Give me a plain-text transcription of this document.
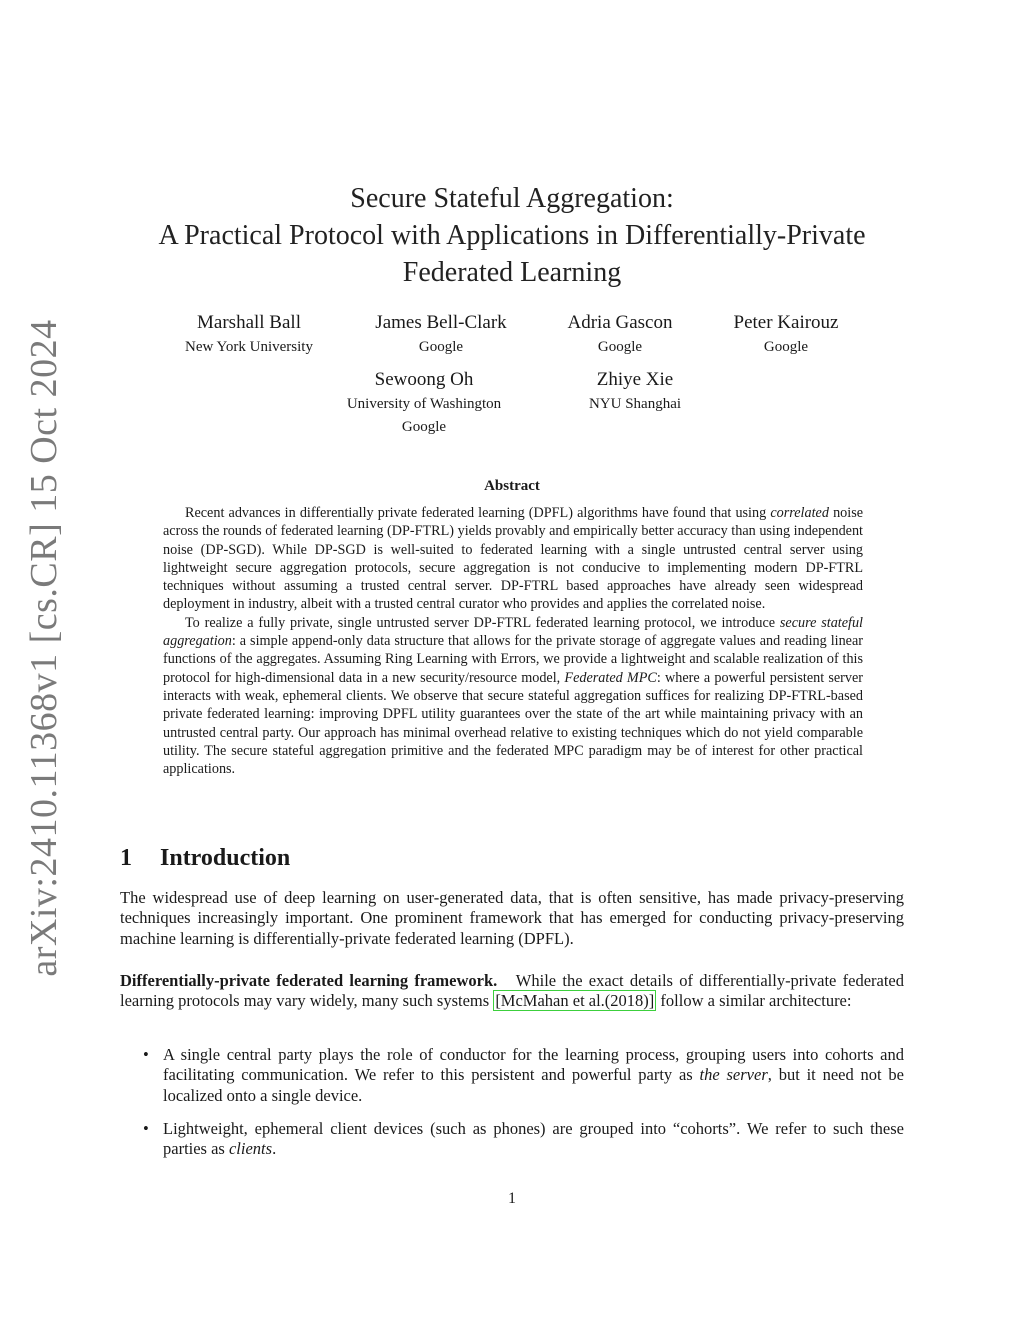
arXiv:2410.11368v1 [cs.CR] 15 Oct 2024
Secure Stateful Aggregation:
A Practical Protocol with Applications in Differentially-Private
Federated Learning
Marshall Ball
New York University
James Bell-Clark
Google
Adria Gascon
Google
Peter Kairouz
Google
Sewoong Oh
University of Washington
Google
Zhiye Xie
NYU Shanghai
Abstract

Recent advances in differentially private federated learning (DPFL) algorithms have found that using correlated noise across the rounds of federated learning (DP-FTRL) yields provably and empirically better accuracy than using independent noise (DP-SGD). While DP-SGD is well-suited to federated learning with a single untrusted central server using lightweight secure aggregation protocols, secure aggregation is not conducive to implementing modern DP-FTRL techniques without assuming a trusted central server. DP-FTRL based approaches have already seen widespread deployment in industry, albeit with a trusted central curator who provides and applies the correlated noise.

To realize a fully private, single untrusted server DP-FTRL federated learning protocol, we introduce secure stateful aggregation: a simple append-only data structure that allows for the private storage of aggregate values and reading linear functions of the aggregates. Assuming Ring Learning with Errors, we provide a lightweight and scalable realization of this protocol for high-dimensional data in a new security/resource model, Federated MPC: where a powerful persistent server interacts with weak, ephemeral clients. We observe that secure stateful aggregation suffices for realizing DP-FTRL-based private federated learning: improving DPFL utility guarantees over the state of the art while maintaining privacy with an untrusted central party. Our approach has minimal overhead relative to existing techniques which do not yield comparable utility. The secure stateful aggregation primitive and the federated MPC paradigm may be of interest for other practical applications.

1 Introduction

The widespread use of deep learning on user-generated data, that is often sensitive, has made privacy-preserving techniques increasingly important. One prominent framework that has emerged for conducting privacy-preserving machine learning is differentially-private federated learning (DPFL).

Differentially-private federated learning framework. While the exact details of differentially-private federated learning protocols may vary widely, many such systems [McMahan et al.(2018)] follow a similar architecture:

• A single central party plays the role of conductor for the learning process, grouping users into cohorts and facilitating communication. We refer to this persistent and powerful party as the server, but it need not be localized onto a single device.
• Lightweight, ephemeral client devices (such as phones) are grouped into “cohorts”. We refer to such these parties as clients.
1
